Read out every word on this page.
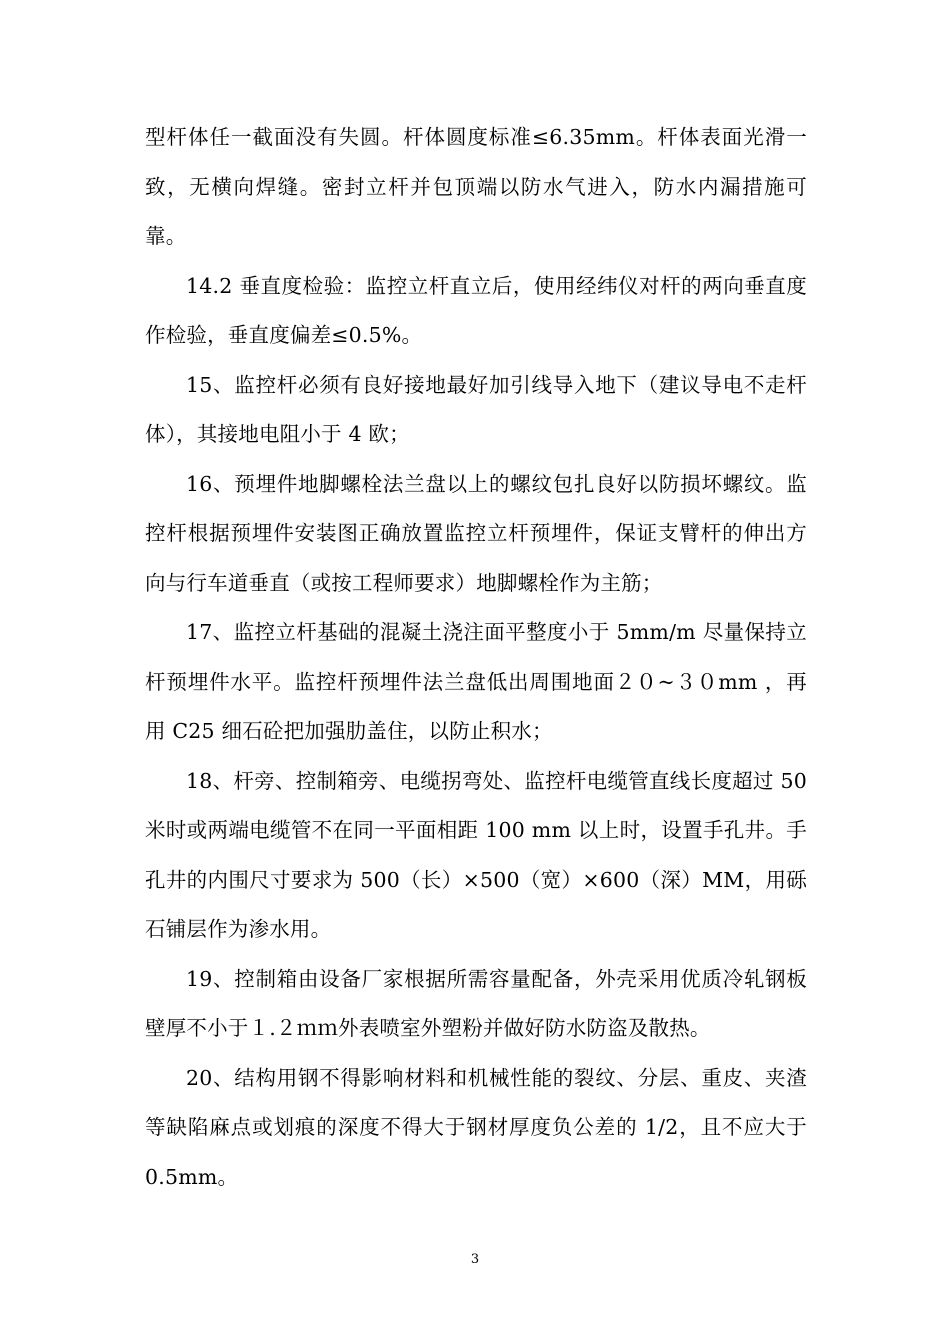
型杆体任一截面没有失圆。杆体圆度标准≤6.35mm。杆体表面光滑一致，无横向焊缝。密封立杆并包顶端以防水气进入，防水内漏措施可靠。

14.2 垂直度检验：监控立杆直立后，使用经纬仪对杆的两向垂直度作检验，垂直度偏差≤0.5%。

15、监控杆必须有良好接地最好加引线导入地下（建议导电不走杆体），其接地电阻小于 4 欧；

16、预埋件地脚螺栓法兰盘以上的螺纹包扎良好以防损坏螺纹。监控杆根据预埋件安装图正确放置监控立杆预埋件，保证支臂杆的伸出方向与行车道垂直（或按工程师要求）地脚螺栓作为主筋；

17、监控立杆基础的混凝土浇注面平整度小于 5mm/m 尽量保持立杆预埋件水平。监控杆预埋件法兰盘低出周围地面２０~３０mm ，再用 C25 细石砼把加强肋盖住，以防止积水；

18、杆旁、控制箱旁、电缆拐弯处、监控杆电缆管直线长度超过 50 米时或两端电缆管不在同一平面相距 100 mm 以上时，设置手孔井。手孔井的内围尺寸要求为 500（长）×500（宽）×600（深）MM，用砾石铺层作为渗水用。

19、控制箱由设备厂家根据所需容量配备，外壳采用优质冷轧钢板壁厚不小于１.２ｍｍ外表喷室外塑粉并做好防水防盗及散热。

20、结构用钢不得影响材料和机械性能的裂纹、分层、重皮、夹渣等缺陷麻点或划痕的深度不得大于钢材厚度负公差的 1/2，且不应大于 0.5mm。

3
